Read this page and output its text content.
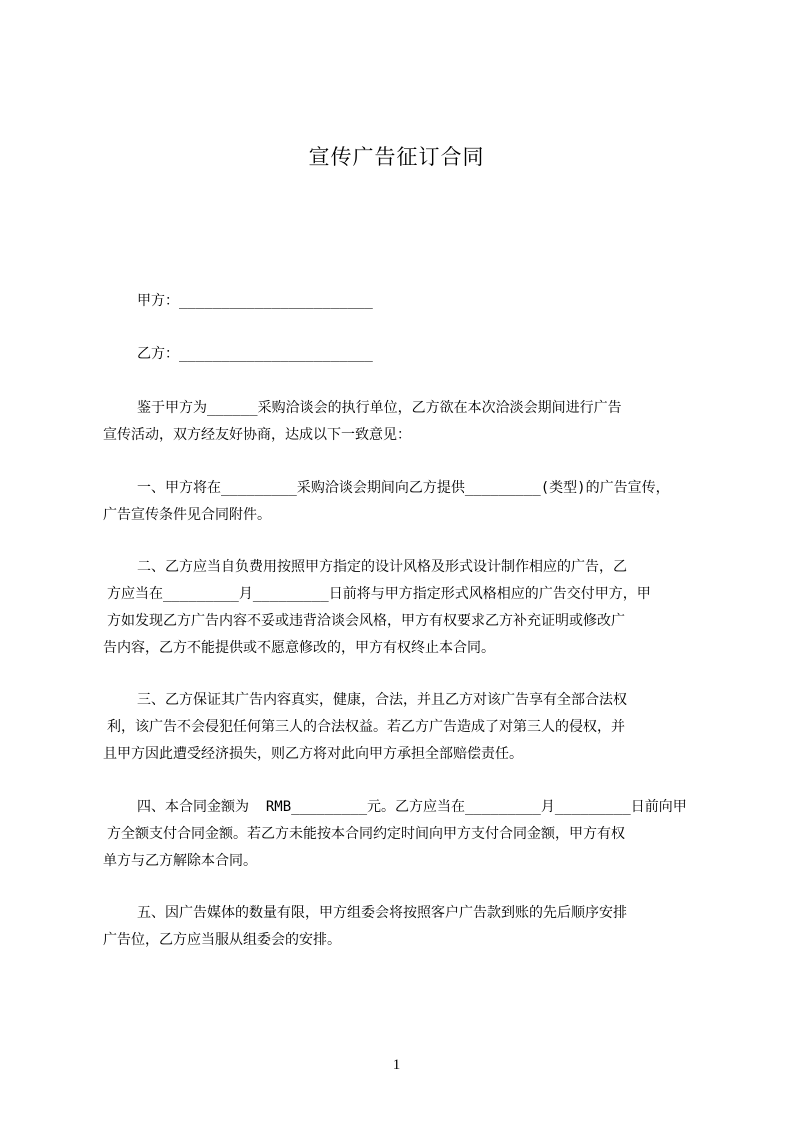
宣传广告征订合同
甲方：_______________________
乙方：_______________________
鉴于甲方为______采购洽谈会的执行单位，乙方欲在本次洽淡会期间进行广告
宣传活动，双方经友好协商，达成以下一致意见：
一、甲方将在_________采购洽谈会期间向乙方提供_________(类型)的广告宣传，
广告宣传条件见合同附件。
二、乙方应当自负费用按照甲方指定的设计风格及形式设计制作相应的广告，乙
方应当在_________月_________日前将与甲方指定形式风格相应的广告交付甲方，甲
方如发现乙方广告内容不妥或违背洽谈会风格，甲方有权要求乙方补充证明或修改广
告内容，乙方不能提供或不愿意修改的，甲方有权终止本合同。
三、乙方保证其广告内容真实，健康，合法，并且乙方对该广告享有全部合法权
利，该广告不会侵犯任何第三人的合法权益。若乙方广告造成了对第三人的侵权，并
且甲方因此遭受经济损失，则乙方将对此向甲方承担全部赔偿责任。
四、本合同金额为  RMB_________元。乙方应当在_________月_________日前向甲
方全额支付合同金额。若乙方未能按本合同约定时间向甲方支付合同金额，甲方有权
单方与乙方解除本合同。
五、因广告媒体的数量有限，甲方组委会将按照客户广告款到账的先后顺序安排
广告位，乙方应当服从组委会的安排。
1
